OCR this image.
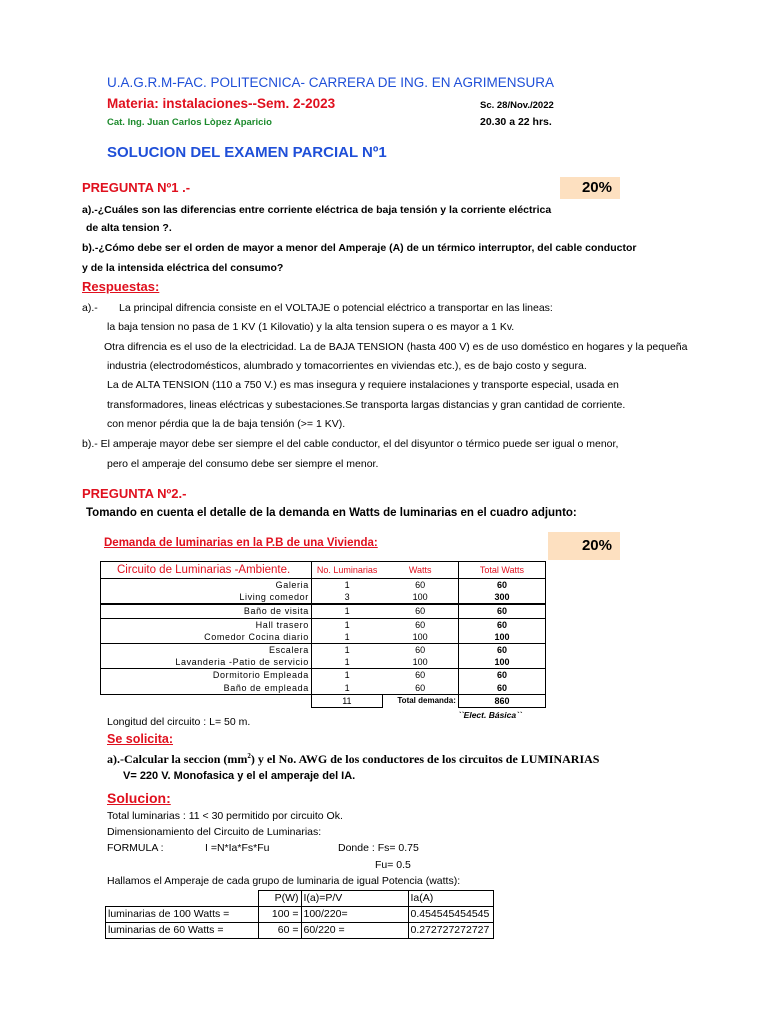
U.A.G.R.M-FAC. POLITECNICA- CARRERA DE ING. EN AGRIMENSURA
Materia: instalaciones--Sem. 2-2023	Sc. 28/Nov./2022
Cat. Ing. Juan Carlos Lòpez Aparicio	20.30 a 22 hrs.
SOLUCION DEL EXAMEN PARCIAL Nº1
PREGUNTA Nº1 .-	20%
a).-¿Cuáles son las diferencias entre corriente eléctrica de baja tensión y la corriente eléctrica
de alta tension ?.
b).-¿Cómo debe ser el orden de mayor a menor del Amperaje (A) de un térmico interruptor, del cable conductor
y de la intensida eléctrica del consumo?
Respuestas:
a).- La principal difrencia consiste en el VOLTAJE o potencial eléctrico a transportar en las lineas:
la baja tension no pasa de 1 KV (1 Kilovatio) y la alta tension supera o es mayor a 1 Kv.
Otra difrencia es el uso de la electricidad. La de BAJA TENSION (hasta 400 V) es de uso doméstico en hogares y la pequeña
industria (electrodomésticos, alumbrado y tomacorrientes en viviendas etc.), es de bajo costo y segura.
La de ALTA TENSION (110 a 750 V.) es mas insegura y requiere instalaciones y transporte especial, usada en
transformadores, lineas eléctricas y subestaciones.Se transporta largas distancias y gran cantidad de corriente.
con menor pérdia que la de baja tensión (>= 1 KV).
b).- El amperaje mayor debe ser siempre el del cable conductor, el del disyuntor o térmico puede ser igual o menor,
pero el amperaje del consumo debe ser siempre el menor.
PREGUNTA Nº2.-
Tomando en cuenta el detalle de la demanda en Watts de luminarias en el cuadro adjunto:
Demanda de luminarias en la P.B de una Vivienda:	20%
Circuito de Luminarias -Ambiente.	No. Luminarias	Watts	Total Watts
Galeria	1	60	60
Living comedor	3	100	300
Baño de visita	1	60	60
Hall trasero	1	60	60
Comedor Cocina diario	1	100	100
Escalera	1	60	60
Lavanderia -Patio de servicio	1	100	100
Dormitorio Empleada	1	60	60
Baño de empleada	1	60	60
	11	Total demanda:	860
``Elect. Básica``
Longitud del circuito : L= 50 m.
Se solicita:
a).-Calcular la seccion $(mm^2)$ y el No. AWG de los conductores de los circuitos de LUMINARIAS
V= 220 V. Monofasica y el el amperaje del IA.
Solucion:
Total luminarias : 11 < 30 permitido por circuito Ok.
Dimensionamiento del Circuito de Luminarias:
FORMULA :	I =N*Ia*Fs*Fu	Donde : Fs= 0.75
Fu= 0.5
Hallamos el Amperaje de cada grupo de luminaria de igual Potencia (watts):
	P(W)	I(a)=P/V	Ia(A)
luminarias de 100 Watts =	100 =	100/220=	0.454545454545
luminarias de 60 Watts =	60 =	60/220 =	0.272727272727
